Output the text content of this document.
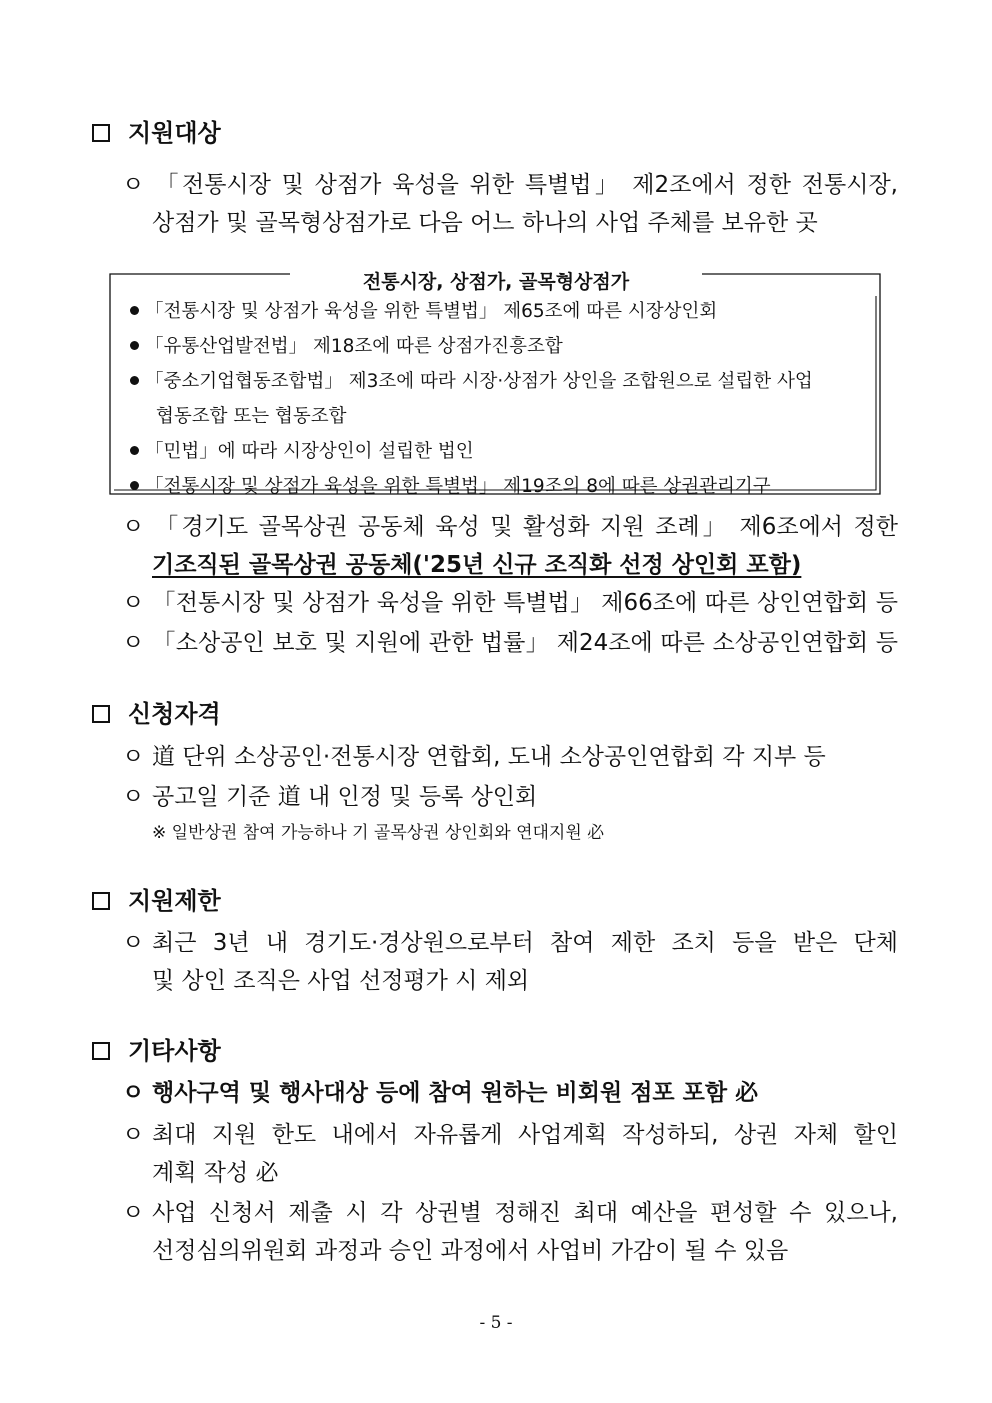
지원대상
ㅇ 「전통시장 및 상점가 육성을 위한 특별법」 제2조에서 정한 전통시장,
상점가 및 골목형상점가로 다음 어느 하나의 사업 주체를 보유한 곳
전통시장, 상점가, 골목형상점가
「전통시장 및 상점가 육성을 위한 특별법」 제65조에 따른 시장상인회
「유통산업발전법」 제18조에 따른 상점가진흥조합
「중소기업협동조합법」 제3조에 따라 시장·상점가 상인을 조합원으로 설립한 사업
협동조합 또는 협동조합
「민법」에 따라 시장상인이 설립한 법인
「전통시장 및 상점가 육성을 위한 특별법」 제19조의 8에 따른 상권관리기구
ㅇ 「경기도 골목상권 공동체 육성 및 활성화 지원 조례」 제6조에서 정한
기조직된 골목상권 공동체('25년 신규 조직화 선정 상인회 포함)
ㅇ 「전통시장 및 상점가 육성을 위한 특별법」 제66조에 따른 상인연합회 등
ㅇ 「소상공인 보호 및 지원에 관한 법률」 제24조에 따른 소상공인연합회 등
신청자격
ㅇ 道 단위 소상공인·전통시장 연합회, 도내 소상공인연합회 각 지부 등
ㅇ 공고일 기준 道 내 인정 및 등록 상인회
※ 일반상권 참여 가능하나 기 골목상권 상인회와 연대지원 必
지원제한
ㅇ 최근 3년 내 경기도·경상원으로부터 참여 제한 조치 등을 받은 단체
및 상인 조직은 사업 선정평가 시 제외
기타사항
ㅇ 행사구역 및 행사대상 등에 참여 원하는 비회원 점포 포함 必
ㅇ 최대 지원 한도 내에서 자유롭게 사업계획 작성하되, 상권 자체 할인
계획 작성 必
ㅇ 사업 신청서 제출 시 각 상권별 정해진 최대 예산을 편성할 수 있으나,
선정심의위원회 과정과 승인 과정에서 사업비 가감이 될 수 있음
- 5 -
